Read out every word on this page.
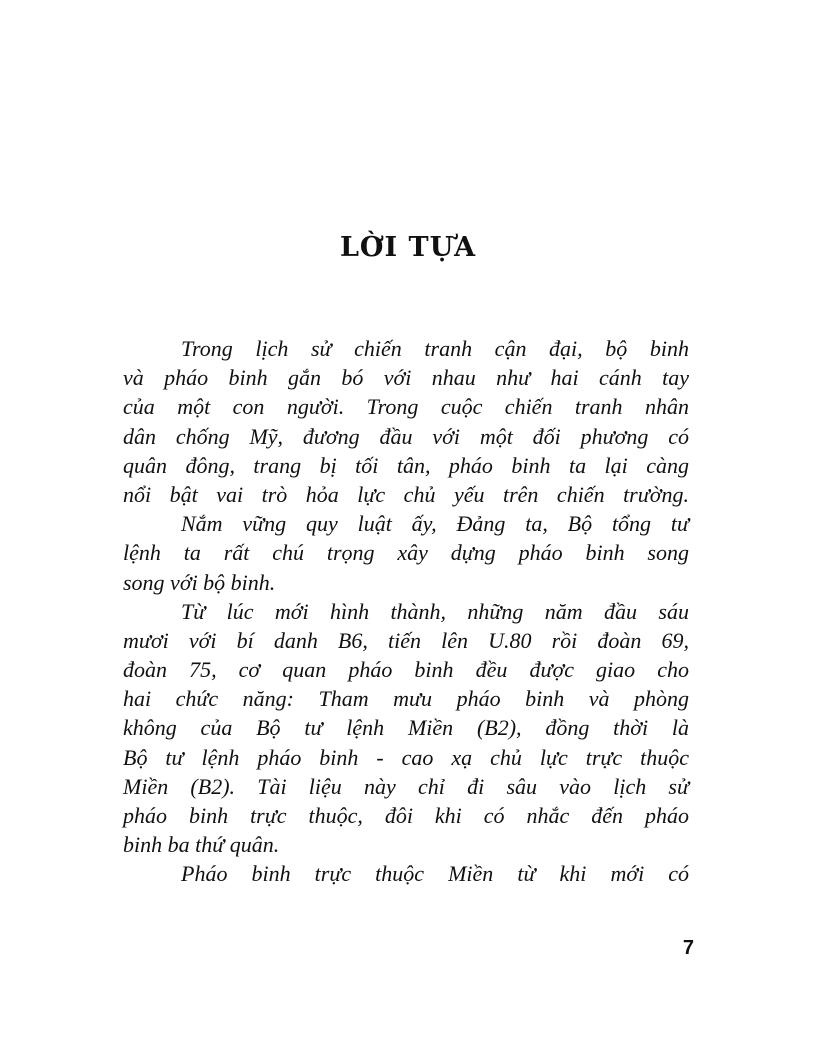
LỜI TỰA
Trong lịch sử chiến tranh cận đại, bộ binh
và pháo binh gắn bó với nhau như hai cánh tay
của một con người. Trong cuộc chiến tranh nhân
dân chống Mỹ, đương đầu với một đối phương có
quân đông, trang bị tối tân, pháo binh ta lại càng
nổi bật vai trò hỏa lực chủ yếu trên chiến trường.
Nắm vững quy luật ấy, Đảng ta, Bộ tổng tư
lệnh ta rất chú trọng xây dựng pháo binh song
song với bộ binh.
Từ lúc mới hình thành, những năm đầu sáu
mươi với bí danh B6, tiến lên U.80 rồi đoàn 69,
đoàn 75, cơ quan pháo binh đều được giao cho
hai chức năng: Tham mưu pháo binh và phòng
không của Bộ tư lệnh Miền (B2), đồng thời là
Bộ tư lệnh pháo binh - cao xạ chủ lực trực thuộc
Miền (B2). Tài liệu này chỉ đi sâu vào lịch sử
pháo binh trực thuộc, đôi khi có nhắc đến pháo
binh ba thứ quân.
Pháo binh trực thuộc Miền từ khi mới có
7
